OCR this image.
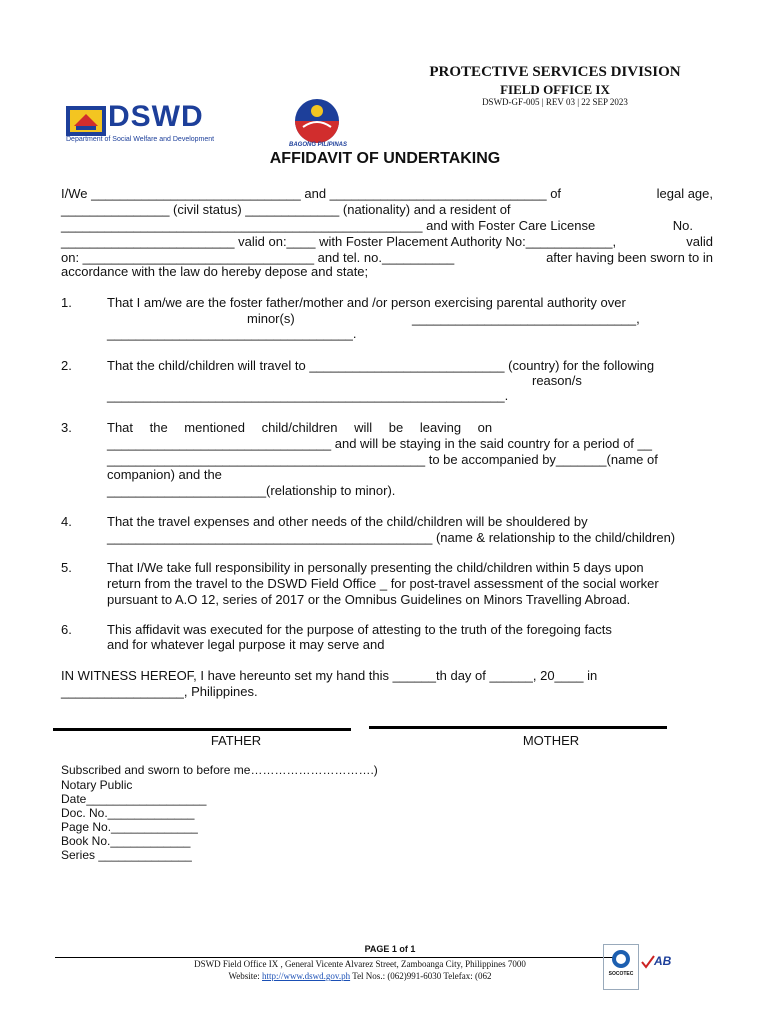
PROTECTIVE SERVICES DIVISION
FIELD OFFICE IX
DSWD-GF-005 | REV 03 | 22 SEP 2023
DSWD
Department of Social Welfare and Development
BAGONG PILIPINAS
AFFIDAVIT OF UNDERTAKING
I/We _____________________________ and ______________________________ of	legal age,
_______________ (civil status) _____________ (nationality) and a resident of
__________________________________________________ and with Foster Care License	No.
________________________ valid on:____ with Foster Placement Authority No:____________,	valid
on: ________________________________ and tel. no.__________	after having been sworn to in
accordance with the law do hereby depose and state;
1.	That I am/we are the foster father/mother and /or person exercising parental authority over
minor(s)	_______________________________,
__________________________________.
2.	That the child/children will travel to ___________________________ (country) for the following
reason/s
_______________________________________________________.
3.	That the mentioned child/children will be leaving on
_______________________________ and will be staying in the said country for a period of __
____________________________________________ to be accompanied by_______(name of
companion) and the
______________________(relationship to minor).
4.	That the travel expenses and other needs of the child/children will be shouldered by
_____________________________________________ (name & relationship to the child/children)
5.	That I/We take full responsibility in personally presenting the child/children within 5 days upon
return from the travel to the DSWD Field Office _ for post-travel assessment of the social worker
pursuant to A.O 12, series of 2017 or the Omnibus Guidelines on Minors Travelling Abroad.
6.	This affidavit was executed for the purpose of attesting to the truth of the foregoing facts
and for whatever legal purpose it may serve and
IN WITNESS HEREOF, I have hereunto set my hand this ______th day of ______, 20____ in
_________________, Philippines.
FATHER	MOTHER
Subscribed and sworn to before me………………………….)
Notary Public
Date__________________
Doc. No._____________
Page No._____________
Book No.____________
Series ______________
PAGE 1 of 1
DSWD Field Office IX , General Vicente Alvarez Street, Zamboanga City, Philippines 7000
Website: http://www.dswd.gov.ph Tel Nos.: (062)991-6030 Telefax: (062	SOCOTEC
AB
